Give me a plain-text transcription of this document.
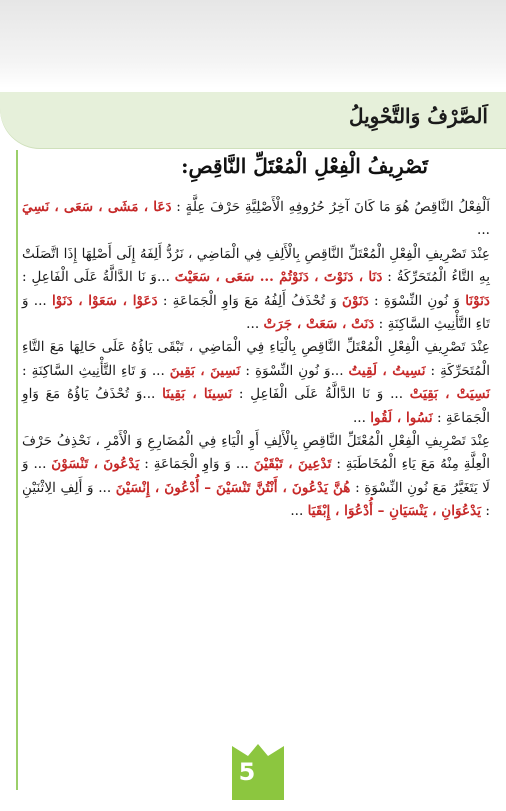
اَلصَّرْفُ وَالتَّحْوِيلُ
تَصْرِيفُ الْفِعْلِ الْمُعْتَلِّ النَّاقِصِ:

اَلْفِعْلُ النَّاقِصُ هُوَ مَا كَانَ آخِرُ حُرُوفِهِ الْأَصْلِيَّةِ حَرْفَ عِلَّةٍ : دَعَا ، مَشَى ، سَعَى ، نَسِيَ ...

عِنْدَ تَصْرِيفِ الْفِعْلِ الْمُعْتَلِّ النَّاقِصِ بِالْأَلِفِ فِي الْمَاضِي ، نَرُدُّ أَلِفَهُ إِلَى أَصْلِهَا إِذَا اتَّصَلَتْ بِهِ التَّاءُ الْمُتَحَرِّكَةُ : دَنَا ، دَنَوْتَ ، دَنَوْتُمْ ... سَعَى ، سَعَيْتَ ...وَ نَا الدَّالَّةُ عَلَى الْفَاعِلِ : دَنَوْنَا وَ نُونِ النِّسْوَةِ : دَنَوْنَ وَ تُحْذَفُ أَلِفُهُ مَعَ وَاوِ الْجَمَاعَةِ : دَعَوْا ، سَعَوْا ، دَنَوْا ... وَ تَاءِ التَّأْنِيثِ السَّاكِنَةِ : دَنَتْ ، سَعَتْ ، جَرَتْ ...

عِنْدَ تَصْرِيفِ الْفِعْلِ الْمُعْتَلِّ النَّاقِصِ بِالْيَاءِ فِي الْمَاضِي ، تَبْقَى يَاؤُهُ عَلَى حَالِهَا مَعَ التَّاءِ الْمُتَحَرِّكَةِ : نَسِيتُ ، لَقِيتُ ...وَ نُونِ النِّسْوَةِ : نَسِينَ ، بَقِينَ ... وَ تَاءِ التَّأْنِيثِ السَّاكِنَةِ : نَسِيَتْ ، بَقِيَتْ ... وَ نَا الدَّالَّةُ عَلَى الْفَاعِلِ : نَسِينَا ، بَقِينَا ...وَ تُحْذَفُ يَاؤُهُ مَعَ وَاوِ الْجَمَاعَةِ : نَسُوا ، لَقُوا ...

عِنْدَ تَصْرِيفِ الْفِعْلِ الْمُعْتَلِّ النَّاقِصِ بِالْأَلِفِ أَوِ الْيَاءِ فِي الْمُضَارِعِ وَ الْأَمْرِ ، نَحْذِفُ حَرْفَ الْعِلَّةِ مِنْهُ مَعَ يَاءِ الْمُخَاطَبَةِ : تَدْعِينَ ، تَبْقَيْنَ ... وَ وَاوِ الْجَمَاعَةِ : يَدْعُونَ ، تَنْسَوْنَ ... وَ لَا يَتَغَيَّرُ مَعَ نُونِ النِّسْوَةِ : هُنَّ يَدْعُونَ ، أَنْتُنَّ تَنْسَيْنَ – أُدْعُونَ ، إِنْسَيْنَ ... وَ أَلِفِ الِاثْنَيْنِ : يَدْعُوَانِ ، يَنْسَيَانِ – أُدْعُوَا ، إِبْقَيَا ...

5
